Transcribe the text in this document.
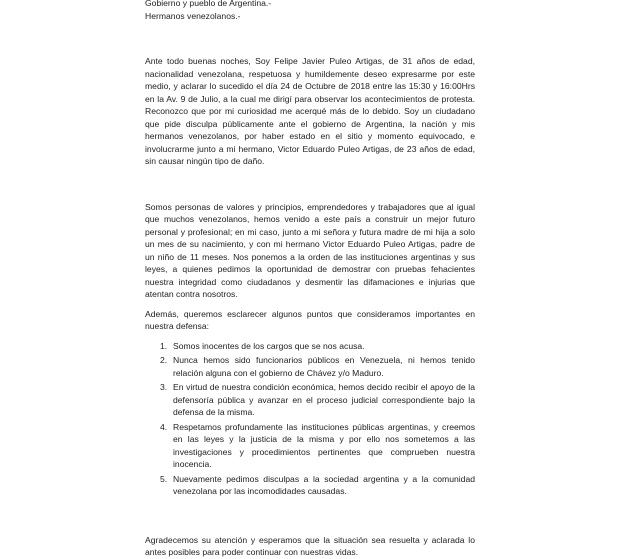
Gobierno y pueblo de Argentina.-

Hermanos venezolanos.-

Ante todo buenas noches, Soy Felipe Javier Puleo Artigas, de 31 años de edad, nacionalidad venezolana, respetuosa y humildemente deseo expresarme por este medio, y aclarar lo sucedido el día 24 de Octubre de 2018 entre las 15:30 y 16:00Hrs en la Av. 9 de Julio, a la cual me dirigí para observar los acontecimientos de protesta. Reconozco que por mi curiosidad me acerqué más de lo debido. Soy un ciudadano que pide disculpa públicamente ante el gobierno de Argentina, la nación y mis hermanos venezolanos, por haber estado en el sitio y momento equivocado, e involucrarme junto a mi hermano, Victor Eduardo Puleo Artigas, de 23 años de edad, sin causar ningún tipo de daño.

Somos personas de valores y principios, emprendedores y trabajadores que al igual que muchos venezolanos, hemos venido a este país a construir un mejor futuro personal y profesional; en mi caso, junto a mi señora y futura madre de mi hija a solo un mes de su nacimiento, y con mi hermano Victor Eduardo Puleo Artigas, padre de un niño de 11 meses. Nos ponemos a la orden de las instituciones argentinas y sus leyes, a quienes pedimos la oportunidad de demostrar con pruebas fehacientes nuestra integridad como ciudadanos y desmentir las difamaciones e injurias que atentan contra nosotros.

Además, queremos esclarecer algunos puntos que consideramos importantes en nuestra defensa:

1. Somos inocentes de los cargos que se nos acusa.
2. Nunca hemos sido funcionarios públicos en Venezuela, ni hemos tenido relación alguna con el gobierno de Chávez y/o Maduro.
3. En virtud de nuestra condición económica, hemos decido recibir el apoyo de la defensoría pública y avanzar en el proceso judicial correspondiente bajo la defensa de la misma.
4. Respetamos profundamente las instituciones públicas argentinas, y creemos en las leyes y la justicia de la misma y por ello nos sometemos a las investigaciones y procedimientos pertinentes que comprueben nuestra inocencia.
5. Nuevamente pedimos disculpas a la sociedad argentina y a la comunidad venezolana por las incomodidades causadas.

Agradecemos su atención y esperamos que la situación sea resuelta y aclarada lo antes posibles para poder continuar con nuestras vidas.
